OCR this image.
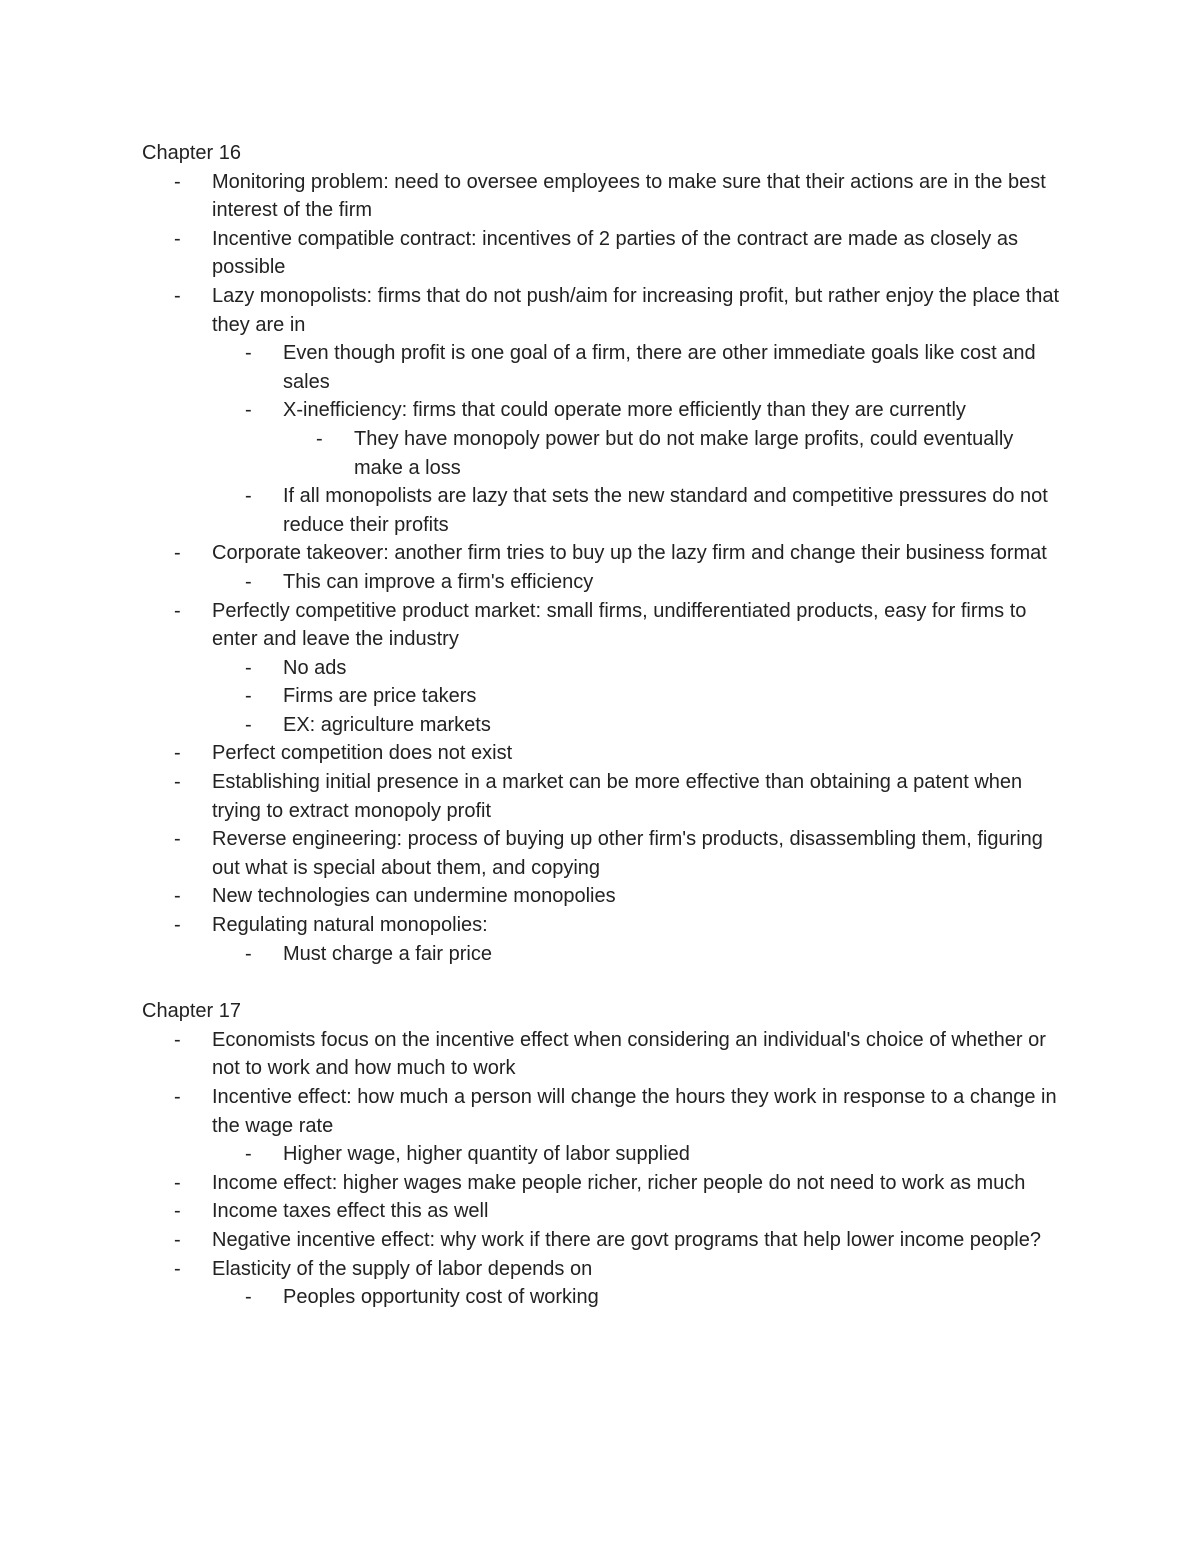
Chapter 16

- Monitoring problem: need to oversee employees to make sure that their actions are in the best interest of the firm
- Incentive compatible contract: incentives of 2 parties of the contract are made as closely as possible
- Lazy monopolists: firms that do not push/aim for increasing profit, but rather enjoy the place that they are in
- Even though profit is one goal of a firm, there are other immediate goals like cost and sales
- X-inefficiency: firms that could operate more efficiently than they are currently
- They have monopoly power but do not make large profits, could eventually make a loss
- If all monopolists are lazy that sets the new standard and competitive pressures do not reduce their profits
- Corporate takeover: another firm tries to buy up the lazy firm and change their business format
- This can improve a firm's efficiency
- Perfectly competitive product market: small firms, undifferentiated products, easy for firms to enter and leave the industry
- No ads
- Firms are price takers
- EX: agriculture markets
- Perfect competition does not exist
- Establishing initial presence in a market can be more effective than obtaining a patent when trying to extract monopoly profit
- Reverse engineering: process of buying up other firm's products, disassembling them, figuring out what is special about them, and copying
- New technologies can undermine monopolies
- Regulating natural monopolies:
- Must charge a fair price

Chapter 17

- Economists focus on the incentive effect when considering an individual's choice of whether or not to work and how much to work
- Incentive effect: how much a person will change the hours they work in response to a change in the wage rate
- Higher wage, higher quantity of labor supplied
- Income effect: higher wages make people richer, richer people do not need to work as much
- Income taxes effect this as well
- Negative incentive effect: why work if there are govt programs that help lower income people?
- Elasticity of the supply of labor depends on
- Peoples opportunity cost of working
